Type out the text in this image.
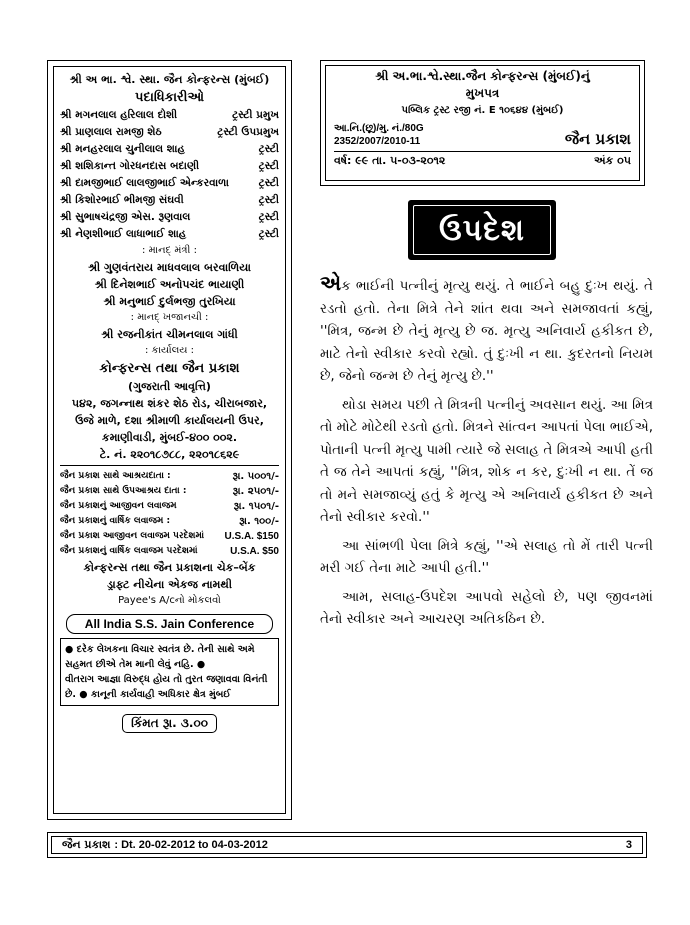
શ્રી અ ભા. શ્વે. સ્થા. જૈન કોન્ફરન્સ (મુંબઈ)
પદાધિકારીઓ
શ્રી મગનલાલ હરિલાલ દોશી	ટ્રસ્ટી પ્રમુખ
શ્રી પ્રાણલાલ રામજી શેઠ	ટ્રસ્ટી ઉપપ્રમુખ
શ્રી મનહરલાલ ચુનીલાલ શાહ	ટ્રસ્ટી
શ્રી શશિકાન્ત ગોરધનદાસ બદાણી	ટ્રસ્ટી
શ્રી દામજીભાઈ લાલજીભાઈ એન્કરવાળા	ટ્રસ્ટી
શ્રી કિશોરભાઈ ભીમજી સંઘવી	ટ્રસ્ટી
શ્રી સુભાષચંદ્રજી એસ. રૂણવાલ	ટ્રસ્ટી
શ્રી નેણશીભાઈ લાધાભાઈ શાહ	ટ્રસ્ટી
: માનદ્ મંત્રી :
શ્રી ગુણવંતરાય માધવલાલ બરવાળિયા
શ્રી દિનેશભાઈ અનોપચંદ ભાયાણી
શ્રી મનુભાઈ દુર્લભજી તુરખિયા
: માનદ્ ખજાનચી :
શ્રી રજનીકાંત ચીમનલાલ ગાંધી
: કાર્યાલય :
કોન્ફરન્સ તથા જૈન પ્રકાશ
(ગુજરાતી આવૃત્તિ)
૫૪૨, જગન્નાથ શંકર શેઠ રોડ, ચીરાબજાર,
ઉજે માળે, દશા શ્રીમાળી કાર્યાલયની ઉપર,
કમાણીવાડી, મુંબઈ-૪૦૦ ૦૦૨.
ટે. નં. ૨૨૦૧૮૭૮૮, ૨૨૦૧૮૬૨૯
જૈન પ્રકાશ સાથે આશ્રયદાતા :	રૂા. ૫૦૦૧/-
જૈન પ્રકાશ સાથે ઉપઆશ્રય દાતા :	રૂા. ૨૫૦૧/-
જૈન પ્રકાશનું આજીવન લવાજમ	રૂા. ૧૫૦૧/-
જૈન પ્રકાશનું વાર્ષિક લવાજમ :	રૂા. ૧૦૦/-
જૈન પ્રકાશ આજીવન લવાજમ પરદેશમાં U.S.A. $150
જૈન પ્રકાશનું વાર્ષિક લવાજમ પરદેશમાં	U.S.A. $50
કોન્ફરન્સ તથા જૈન પ્રકાશના ચેક–બેંક
ડ્રાફ્ટ નીચેના એકજ નામથી
Payee's A/cનો મોકલવો
All India S.S. Jain Conference
● દરેક લેખકના વિચાર સ્વતંત્ર છે. તેની સાથે અમે સહમત છીએ તેમ માની લેવું નહિ. ●
વીતરાગ આજ્ઞા વિરુદ્ધ હોય તો તુરત જણાવવા વિનંતી છે. ● કાનૂની કાર્યવાહી અધિકાર ક્ષેત્ર મુંબઈ
કિંમત રૂા. ૩.૦૦
શ્રી અ.ભા.શ્વે.સ્થા.જૈન કોન્ફરન્સ (મુંબઈ)નું
મુખપત્ર
પબ્લિક ટ્રસ્ટ રજી નં. E ૧૦૬૪૪ (મુંબઈ)
આ.નિ.(છૂ)/મુ. નં./80G
2352/2007/2010-11	જૈન પ્રકાશ
વર્ષ: ૯૯ તા. ૫-૦૩-૨૦૧૨	અંક ૦૫
ઉપદેશ

એક ભાઈની પત્નીનું મૃત્યુ થયું. તે ભાઈને બહુ દુઃખ થયું. તે રડતો હતો. તેના મિત્રે તેને શાંત થવા અને સમજાવતાં કહ્યું, ''મિત્ર, જન્મ છે તેનું મૃત્યુ છે જ. મૃત્યુ અનિવાર્ય હકીકત છે, માટે તેનો સ્વીકાર કરવો રહ્યો. તું દુઃખી ન થા. કુદરતનો નિયમ છે, જેનો જન્મ છે તેનું મૃત્યુ છે.''

થોડા સમય પછી તે મિત્રની પત્નીનું અવસાન થયું. આ મિત્ર તો મોટે મોટેથી રડતો હતો. મિત્રને સાંત્વન આપતાં પેલા ભાઈએ, પોતાની પત્ની મૃત્યુ પામી ત્યારે જે સલાહ તે મિત્રએ આપી હતી તે જ તેને આપતાં કહ્યું, ''મિત્ર, શોક ન કર, દુઃખી ન થા. તેં જ તો મને સમજાવ્યું હતું કે મૃત્યુ એ અનિવાર્ય હકીકત છે અને તેનો સ્વીકાર કરવો.''

આ સાંભળી પેલા મિત્રે કહ્યું, ''એ સલાહ તો મેં તારી પત્ની મરી ગઈ તેના માટે આપી હતી.''

આમ, સલાહ-ઉપદેશ આપવો સહેલો છે, પણ જીવનમાં તેનો સ્વીકાર અને આચરણ અતિકઠિન છે.

જૈન પ્રકાશ : Dt. 20-02-2012 to 04-03-2012	3
